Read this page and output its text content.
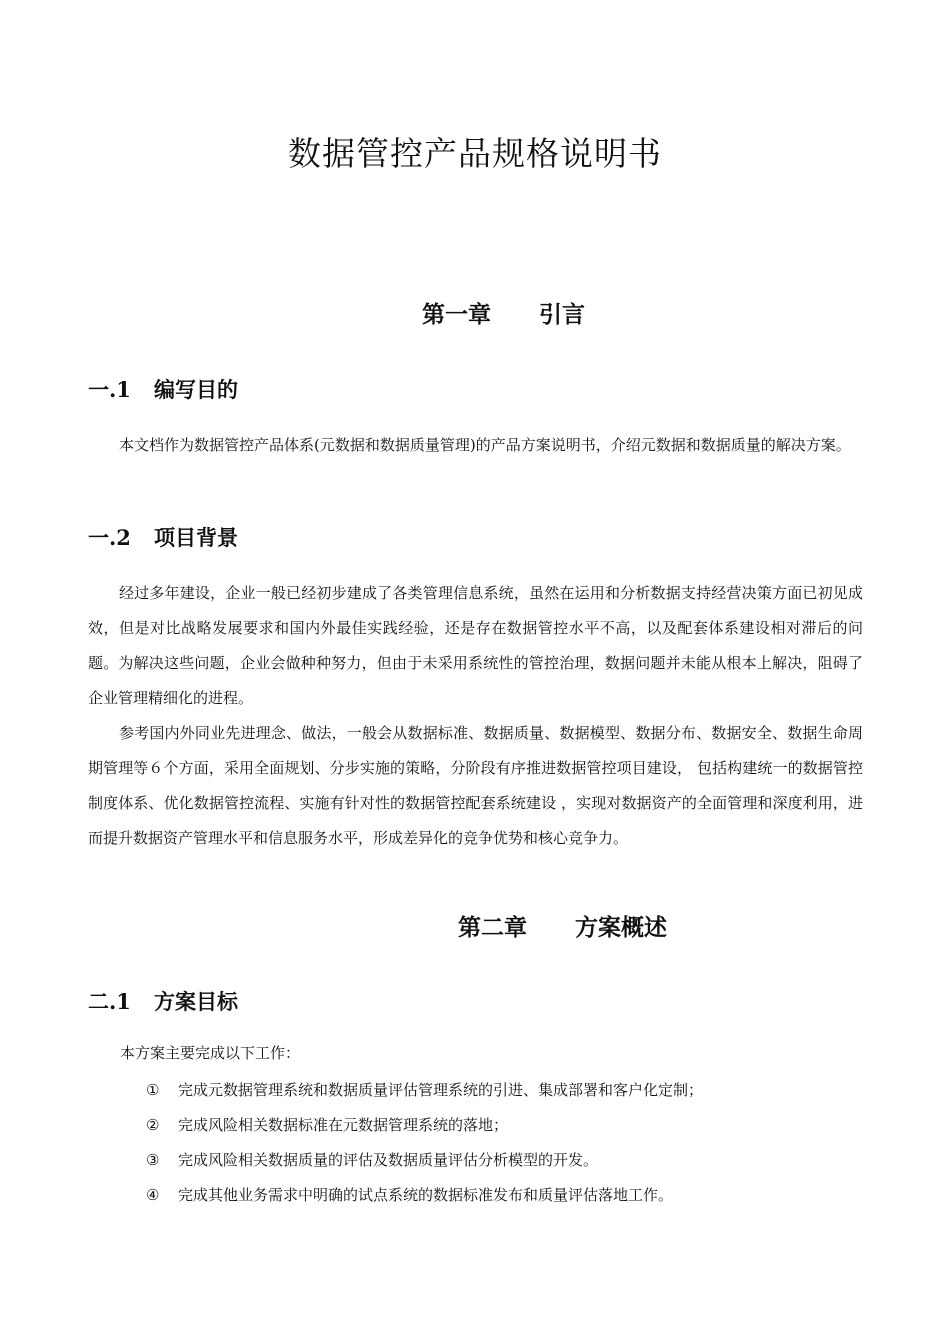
数据管控产品规格说明书
第一章 引言
一.1 编写目的

本文档作为数据管控产品体系(元数据和数据质量管理)的产品方案说明书，介绍元数据和数据质量的解决方案。

一.2 项目背景

经过多年建设，企业一般已经初步建成了各类管理信息系统，虽然在运用和分析数据支持经营决策方面已初见成效，但是对比战略发展要求和国内外最佳实践经验，还是存在数据管控水平不高，以及配套体系建设相对滞后的问题。为解决这些问题，企业会做种种努力，但由于未采用系统性的管控治理，数据问题并未能从根本上解决，阻碍了企业管理精细化的进程。

参考国内外同业先进理念、做法，一般会从数据标准、数据质量、数据模型、数据分布、数据安全、数据生命周期管理等６个方面，采用全面规划、分步实施的策略，分阶段有序推进数据管控项目建设， 包括构建统一的数据管控制度体系、优化数据管控流程、实施有针对性的数据管控配套系统建设 ，实现对数据资产的全面管理和深度利用，进而提升数据资产管理水平和信息服务水平，形成差异化的竞争优势和核心竞争力。

第二章 方案概述
二.1 方案目标

本方案主要完成以下工作：

① 完成元数据管理系统和数据质量评估管理系统的引进、集成部署和客户化定制；
② 完成风险相关数据标准在元数据管理系统的落地；
③ 完成风险相关数据质量的评估及数据质量评估分析模型的开发。
④ 完成其他业务需求中明确的试点系统的数据标准发布和质量评估落地工作。
